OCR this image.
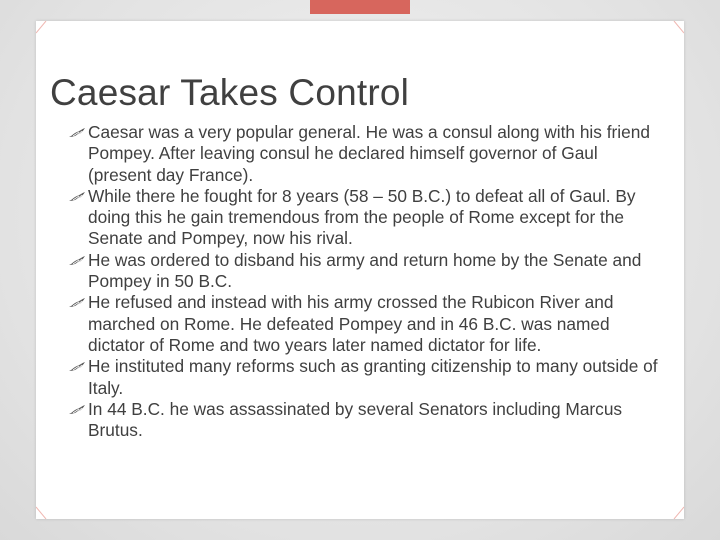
Caesar Takes Control
Caesar was a very popular general. He was a consul along with his friend Pompey. After leaving consul he declared himself governor of Gaul (present day France).
While there he fought for 8 years (58 – 50 B.C.) to defeat all of Gaul. By doing this he gain tremendous from the people of Rome except for the Senate and Pompey, now his rival.
He was ordered to disband his army and return home by the Senate and Pompey in 50 B.C.
He refused and instead with his army crossed the Rubicon River and marched on Rome. He defeated Pompey and in 46 B.C. was named dictator of Rome and two years later named dictator for life.
He instituted many reforms such as granting citizenship to many outside of Italy.
In 44 B.C. he was assassinated by several Senators including Marcus Brutus.
